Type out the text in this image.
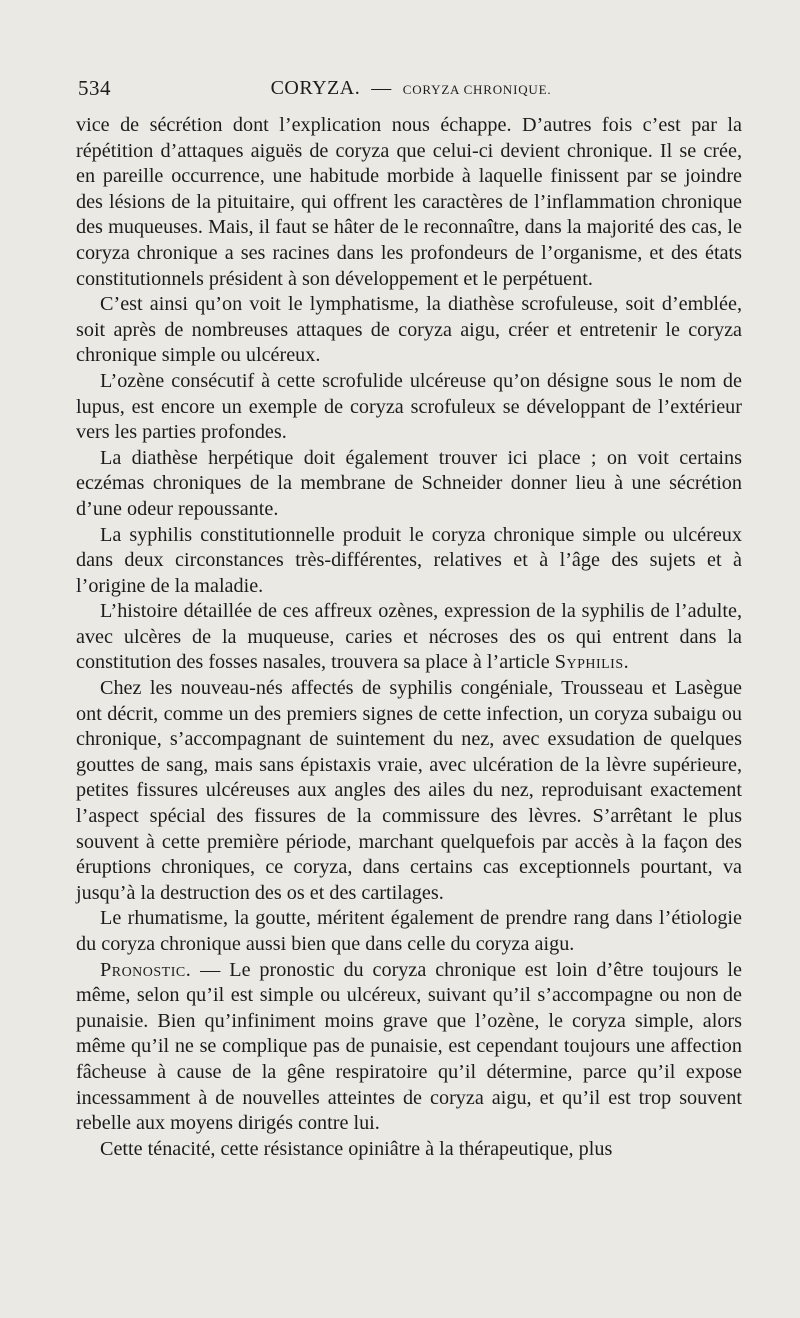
534	CORYZA. — CORYZA CHRONIQUE.

vice de sécrétion dont l’explication nous échappe. D’autres fois c’est par la répétition d’attaques aiguës de coryza que celui-ci devient chronique. Il se crée, en pareille occurrence, une habitude morbide à laquelle finissent par se joindre des lésions de la pituitaire, qui offrent les caractères de l’inflammation chronique des muqueuses. Mais, il faut se hâter de le reconnaître, dans la majorité des cas, le coryza chronique a ses racines dans les profondeurs de l’organisme, et des états constitutionnels président à son développement et le perpétuent.

C’est ainsi qu’on voit le lymphatisme, la diathèse scrofuleuse, soit d’emblée, soit après de nombreuses attaques de coryza aigu, créer et entretenir le coryza chronique simple ou ulcéreux.

L’ozène consécutif à cette scrofulide ulcéreuse qu’on désigne sous le nom de lupus, est encore un exemple de coryza scrofuleux se développant de l’extérieur vers les parties profondes.

La diathèse herpétique doit également trouver ici place ; on voit certains eczémas chroniques de la membrane de Schneider donner lieu à une sécrétion d’une odeur repoussante.

La syphilis constitutionnelle produit le coryza chronique simple ou ulcéreux dans deux circonstances très-différentes, relatives et à l’âge des sujets et à l’origine de la maladie.

L’histoire détaillée de ces affreux ozènes, expression de la syphilis de l’adulte, avec ulcères de la muqueuse, caries et nécroses des os qui entrent dans la constitution des fosses nasales, trouvera sa place à l’article Syphilis.

Chez les nouveau-nés affectés de syphilis congéniale, Trousseau et Lasègue ont décrit, comme un des premiers signes de cette infection, un coryza subaigu ou chronique, s’accompagnant de suintement du nez, avec exsudation de quelques gouttes de sang, mais sans épistaxis vraie, avec ulcération de la lèvre supérieure, petites fissures ulcéreuses aux angles des ailes du nez, reproduisant exactement l’aspect spécial des fissures de la commissure des lèvres. S’arrêtant le plus souvent à cette première période, marchant quelquefois par accès à la façon des éruptions chroniques, ce coryza, dans certains cas exceptionnels pourtant, va jusqu’à la destruction des os et des cartilages.

Le rhumatisme, la goutte, méritent également de prendre rang dans l’étiologie du coryza chronique aussi bien que dans celle du coryza aigu.

Pronostic. — Le pronostic du coryza chronique est loin d’être toujours le même, selon qu’il est simple ou ulcéreux, suivant qu’il s’accompagne ou non de punaisie. Bien qu’infiniment moins grave que l’ozène, le coryza simple, alors même qu’il ne se complique pas de punaisie, est cependant toujours une affection fâcheuse à cause de la gêne respiratoire qu’il détermine, parce qu’il expose incessamment à de nouvelles atteintes de coryza aigu, et qu’il est trop souvent rebelle aux moyens dirigés contre lui.

Cette ténacité, cette résistance opiniâtre à la thérapeutique, plus
